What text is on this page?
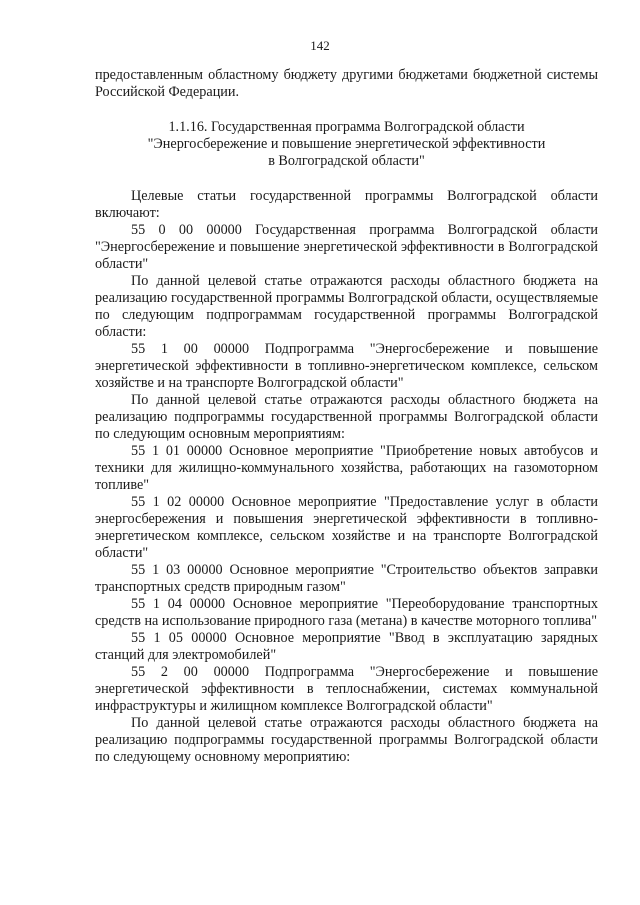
142

предоставленным областному бюджету другими бюджетами бюджетной системы Российской Федерации.

1.1.16. Государственная программа Волгоградской области
"Энергосбережение и повышение энергетической эффективности
в Волгоградской области"

Целевые статьи государственной программы Волгоградской области включают:

55 0 00 00000 Государственная программа Волгоградской области "Энергосбережение и повышение энергетической эффективности в Волгоградской области"

По данной целевой статье отражаются расходы областного бюджета на реализацию государственной программы Волгоградской области, осуществляемые по следующим подпрограммам государственной программы Волгоградской области:

55 1 00 00000 Подпрограмма "Энергосбережение и повышение энергетической эффективности в топливно-энергетическом комплексе, сельском хозяйстве и на транспорте Волгоградской области"

По данной целевой статье отражаются расходы областного бюджета на реализацию подпрограммы государственной программы Волгоградской области по следующим основным мероприятиям:

55 1 01 00000 Основное мероприятие "Приобретение новых автобусов и техники для жилищно-коммунального хозяйства, работающих на газомоторном топливе"

55 1 02 00000 Основное мероприятие "Предоставление услуг в области энергосбережения и повышения энергетической эффективности в топливно-энергетическом комплексе, сельском хозяйстве и на транспорте Волгоградской области"

55 1 03 00000 Основное мероприятие "Строительство объектов заправки транспортных средств природным газом"

55 1 04 00000 Основное мероприятие "Переоборудование транспортных средств на использование природного газа (метана) в качестве моторного топлива"

55 1 05 00000 Основное мероприятие "Ввод в эксплуатацию зарядных станций для электромобилей"

55 2 00 00000 Подпрограмма "Энергосбережение и повышение энергетической эффективности в теплоснабжении, системах коммунальной инфраструктуры и жилищном комплексе Волгоградской области"

По данной целевой статье отражаются расходы областного бюджета на реализацию подпрограммы государственной программы Волгоградской области по следующему основному мероприятию:
